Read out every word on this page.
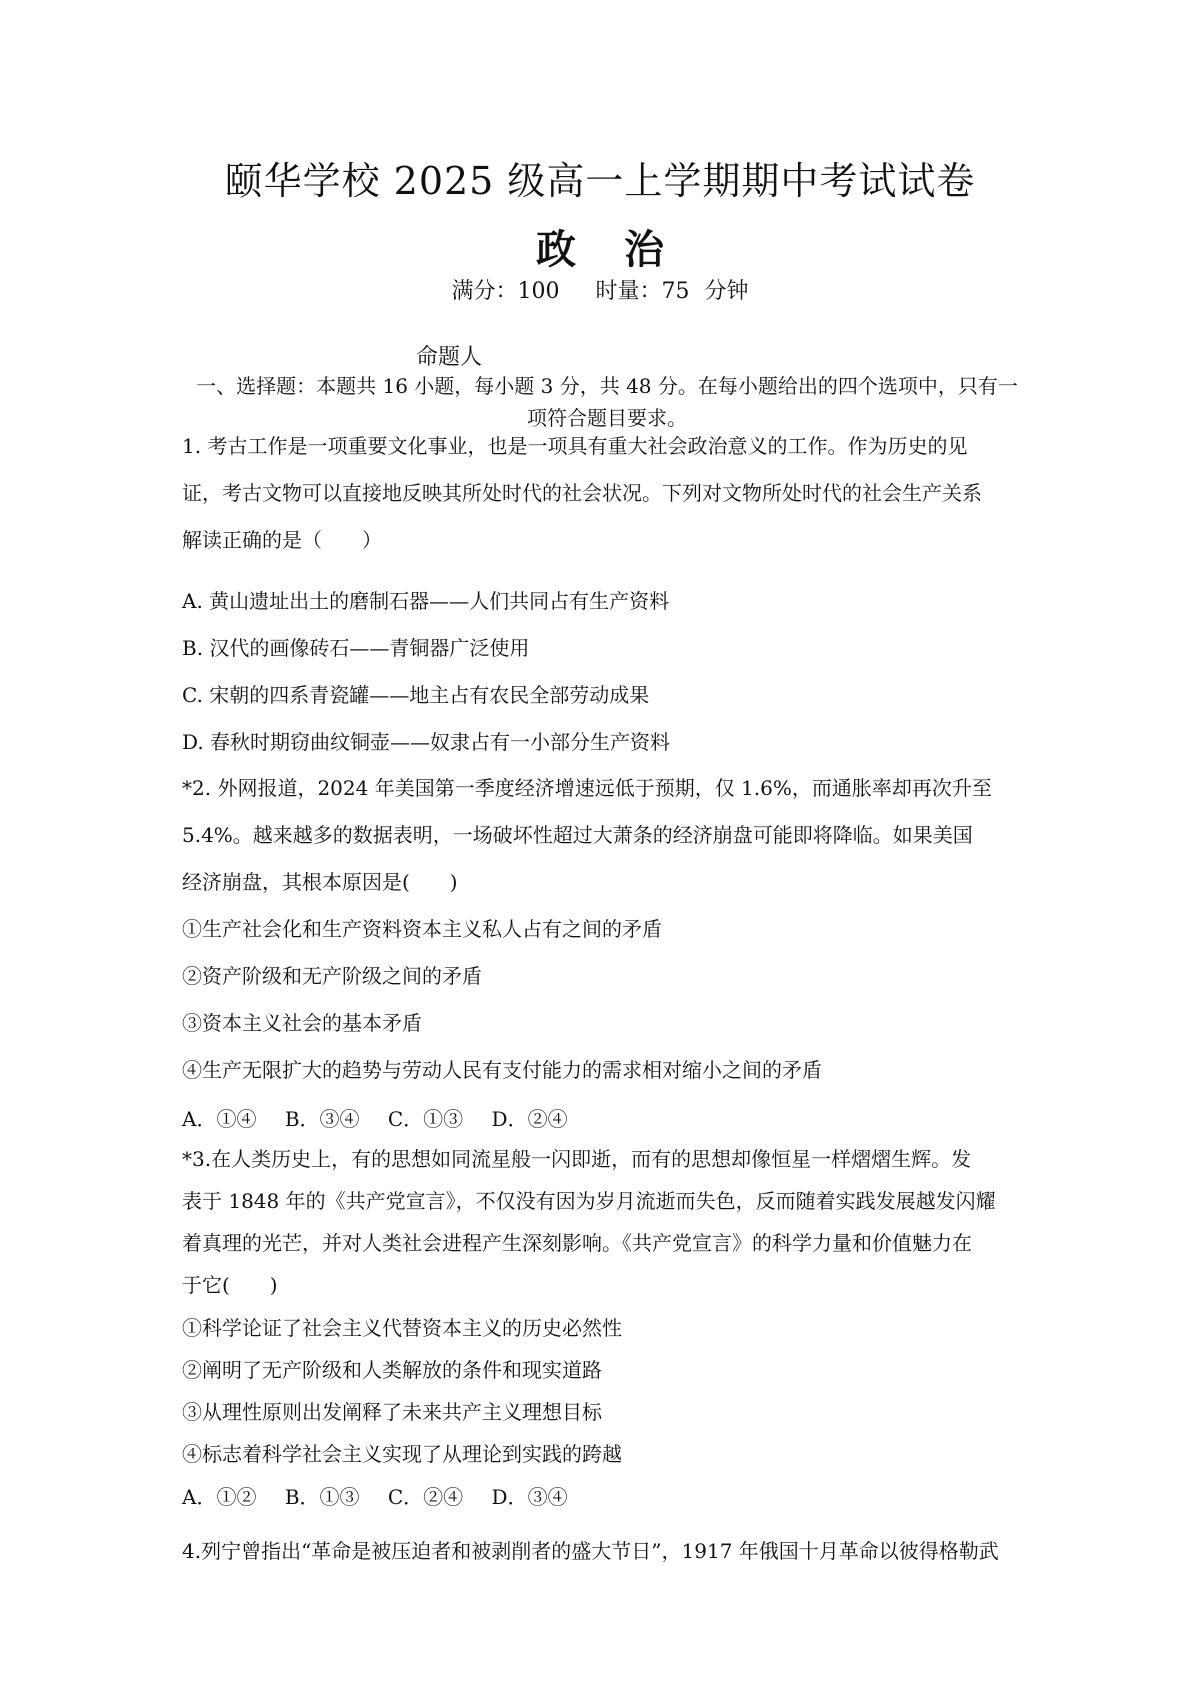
颐华学校 2025 级高一上学期期中考试试卷
政治
满分：100 时量：75 分钟
命题人
一、选择题：本题共 16 小题，每小题 3 分，共 48 分。在每小题给出的四个选项中，只有一
项符合题目要求。
1. 考古工作是一项重要文化事业，也是一项具有重大社会政治意义的工作。作为历史的见
证，考古文物可以直接地反映其所处时代的社会状况。下列对文物所处时代的社会生产关系
解读正确的是（　　）
A. 黄山遗址出土的磨制石器——人们共同占有生产资料
B. 汉代的画像砖石——青铜器广泛使用
C. 宋朝的四系青瓷罐——地主占有农民全部劳动成果
D. 春秋时期窃曲纹铜壶——奴隶占有一小部分生产资料
*2. 外网报道，2024 年美国第一季度经济增速远低于预期，仅 1.6%，而通胀率却再次升至
5.4%。越来越多的数据表明，一场破坏性超过大萧条的经济崩盘可能即将降临。如果美国
经济崩盘，其根本原因是(　　)
①生产社会化和生产资料资本主义私人占有之间的矛盾
②资产阶级和无产阶级之间的矛盾
③资本主义社会的基本矛盾
④生产无限扩大的趋势与劳动人民有支付能力的需求相对缩小之间的矛盾
A．①④ B．③④ C．①③ D．②④
*3.在人类历史上，有的思想如同流星般一闪即逝，而有的思想却像恒星一样熠熠生辉。发
表于 1848 年的《共产党宣言》，不仅没有因为岁月流逝而失色，反而随着实践发展越发闪耀
着真理的光芒，并对人类社会进程产生深刻影响。《共产党宣言》的科学力量和价值魅力在
于它(　　)
①科学论证了社会主义代替资本主义的历史必然性
②阐明了无产阶级和人类解放的条件和现实道路
③从理性原则出发阐释了未来共产主义理想目标
④标志着科学社会主义实现了从理论到实践的跨越
A．①② B．①③ C．②④ D．③④
4.列宁曾指出“革命是被压迫者和被剥削者的盛大节日”，1917 年俄国十月革命以彼得格勒武
